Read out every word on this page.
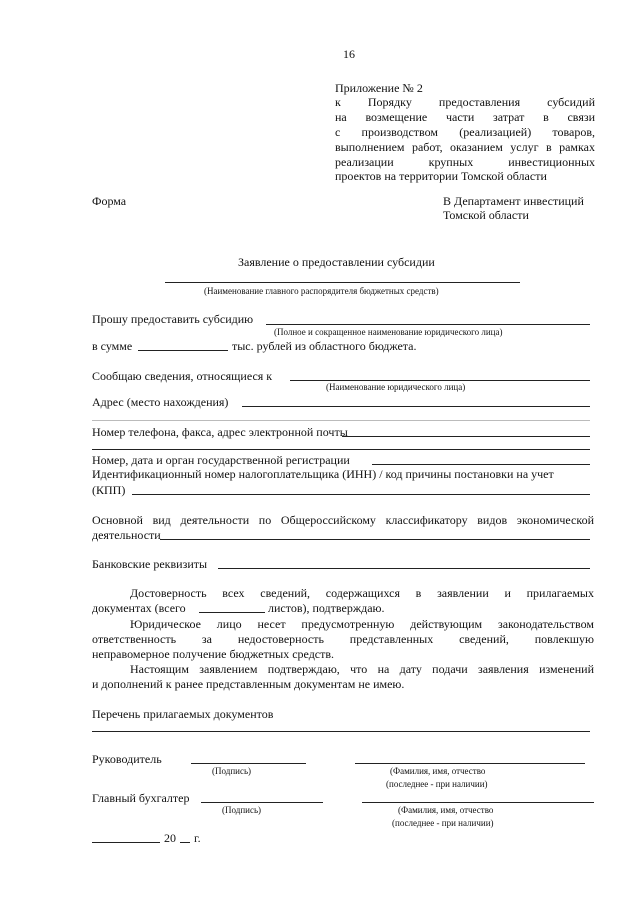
16
Приложение № 2
к Порядку предоставления субсидий
на возмещение части затрат в связи
с производством (реализацией) товаров,
выполнением работ, оказанием услуг в рамках
реализации крупных инвестиционных
проектов на территории Томской области
Форма	В Департамент инвестиций
Томской области
Заявление о предоставлении субсидии
(Наименование главного распорядителя бюджетных средств)
Прошу предоставить субсидию
(Полное и сокращенное наименование юридического лица)
в сумме	тыс. рублей из областного бюджета.
Сообщаю сведения, относящиеся к
(Наименование юридического лица)
Адрес (место нахождения)
Номер телефона, факса, адрес электронной почты
Номер, дата и орган государственной регистрации
Идентификационный номер налогоплательщика (ИНН) / код причины постановки на учет
(КПП)
Основной вид деятельности по Общероссийскому классификатору видов экономической
деятельности
Банковские реквизиты
Достоверность всех сведений, содержащихся в заявлении и прилагаемых
документах (всего	листов), подтверждаю.
Юридическое лицо несет предусмотренную действующим законодательством
ответственность за недостоверность представленных сведений, повлекшую
неправомерное получение бюджетных средств.
Настоящим заявлением подтверждаю, что на дату подачи заявления изменений
и дополнений к ранее представленным документам не имею.
Перечень прилагаемых документов
Руководитель
(Подпись)	(Фамилия, имя, отчество
(последнее - при наличии)
Главный бухгалтер
(Подпись)	(Фамилия, имя, отчество
(последнее - при наличии)
20 г.
